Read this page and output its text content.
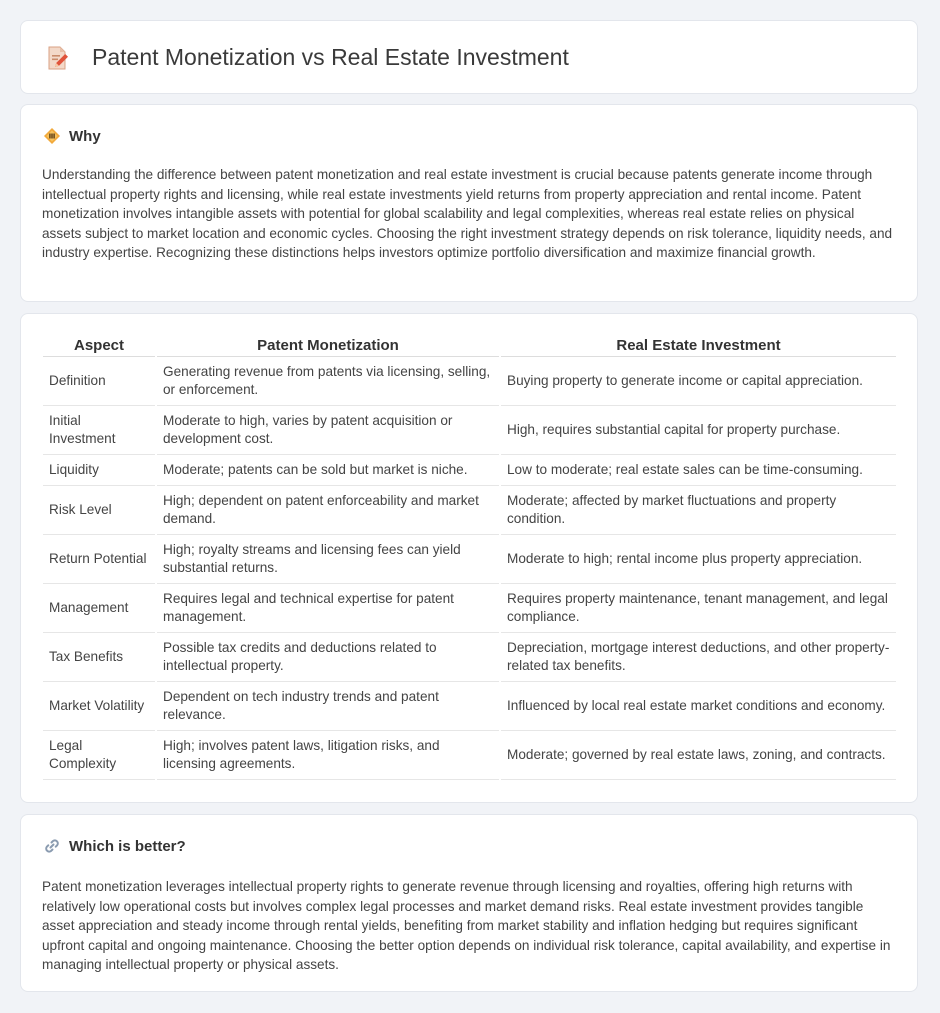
Patent Monetization vs Real Estate Investment
Why
Understanding the difference between patent monetization and real estate investment is crucial because patents generate income through intellectual property rights and licensing, while real estate investments yield returns from property appreciation and rental income. Patent monetization involves intangible assets with potential for global scalability and legal complexities, whereas real estate relies on physical assets subject to market location and economic cycles. Choosing the right investment strategy depends on risk tolerance, liquidity needs, and industry expertise. Recognizing these distinctions helps investors optimize portfolio diversification and maximize financial growth.
Aspect	Patent Monetization	Real Estate Investment
Definition	Generating revenue from patents via licensing, selling, or enforcement.	Buying property to generate income or capital appreciation.
Initial Investment	Moderate to high, varies by patent acquisition or development cost.	High, requires substantial capital for property purchase.
Liquidity	Moderate; patents can be sold but market is niche.	Low to moderate; real estate sales can be time-consuming.
Risk Level	High; dependent on patent enforceability and market demand.	Moderate; affected by market fluctuations and property condition.
Return Potential	High; royalty streams and licensing fees can yield substantial returns.	Moderate to high; rental income plus property appreciation.
Management	Requires legal and technical expertise for patent management.	Requires property maintenance, tenant management, and legal compliance.
Tax Benefits	Possible tax credits and deductions related to intellectual property.	Depreciation, mortgage interest deductions, and other property-related tax benefits.
Market Volatility	Dependent on tech industry trends and patent relevance.	Influenced by local real estate market conditions and economy.
Legal Complexity	High; involves patent laws, litigation risks, and licensing agreements.	Moderate; governed by real estate laws, zoning, and contracts.
Which is better?
Patent monetization leverages intellectual property rights to generate revenue through licensing and royalties, offering high returns with relatively low operational costs but involves complex legal processes and market demand risks. Real estate investment provides tangible asset appreciation and steady income through rental yields, benefiting from market stability and inflation hedging but requires significant upfront capital and ongoing maintenance. Choosing the better option depends on individual risk tolerance, capital availability, and expertise in managing intellectual property or physical assets.
